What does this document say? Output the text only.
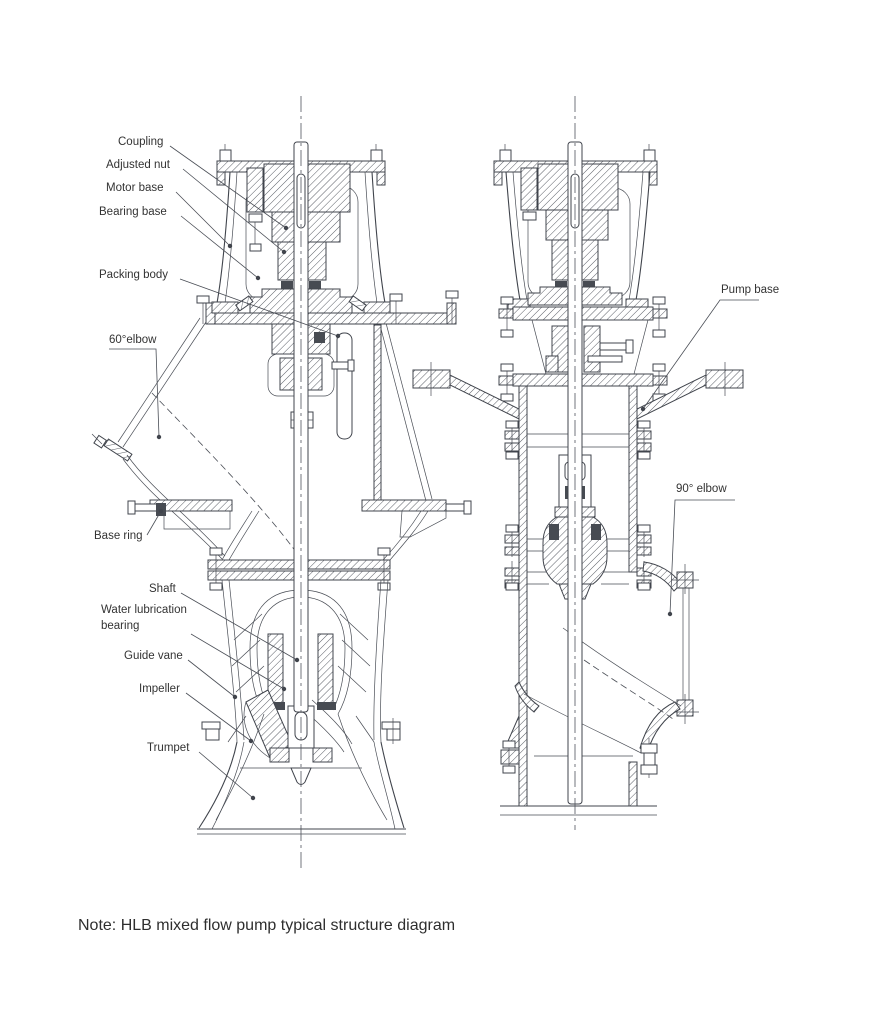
Coupling
Adjusted nut
Motor base
Bearing base
Packing body
60°elbow
Base ring
Shaft
Water lubrication bearing
Guide vane
Impeller
Trumpet
Pump base
90° elbow
Note: HLB mixed flow pump typical structure diagram
